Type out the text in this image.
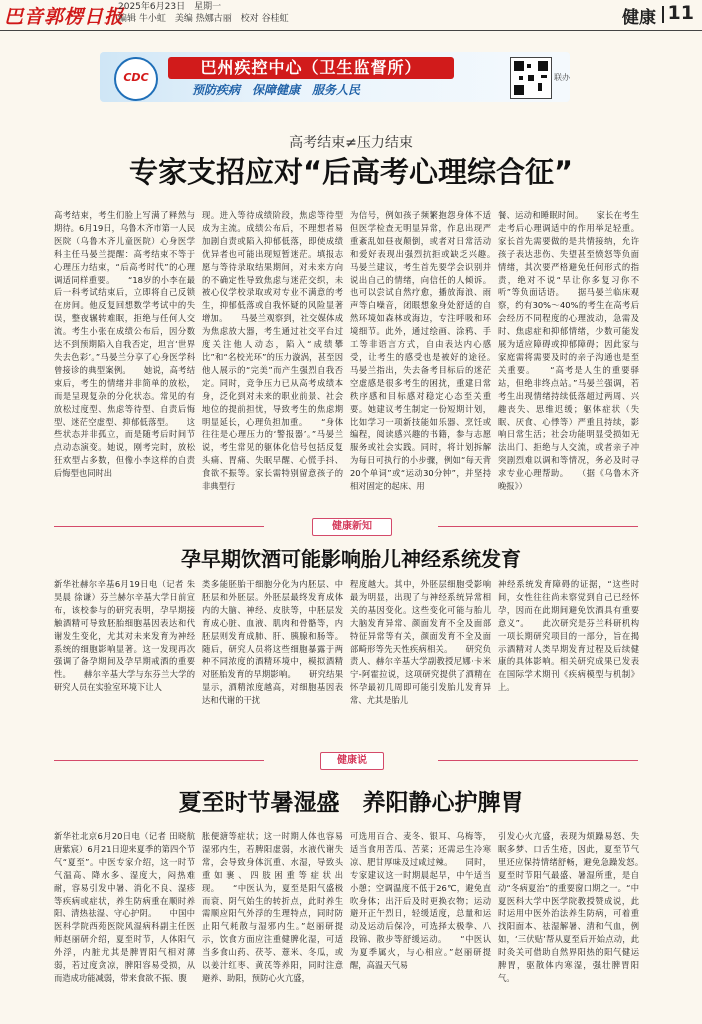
巴音郭楞日报
2025年6月23日　星期一
编辑 牛小虹　美编 热娜古丽　校对 谷桂虹	健康 11
CDC
巴州疾控中心（卫生监督所）
预防疾病　保障健康　服务人民
联办
高考结束≠压力结束
专家支招应对“后高考心理综合征”
高考结束，考生们脸上写满了释然与期待。6月19日，乌鲁木齐市第一人民医院（乌鲁木齐儿童医院）心身医学科主任马晏兰提醒：高考结束不等于心理压力结束，“后高考时代”的心理调适同样重要。　　“18岁的小李在最后一科考试结束后，立即将自己反锁在房间。他反复回想数学考试中的失误，整夜辗转难眠，拒绝与任何人交流。考生小张在成绩公布后，因分数达不到预期陷入自我否定，坦言‘世界失去色彩’。”马晏兰分享了心身医学科曾接诊的典型案例。　　她说，高考结束后，考生的情绪并非简单的放松，而是呈现复杂的分化状态。常见的有放松过度型、焦虑等待型、自责后悔型、迷茫空虚型、抑郁低落型。　　这些状态并非孤立，而是随考后时间节点动态演变。她说，刚考完时，放松狂欢型占多数，但像小李这样的自责后悔型也同时出
现。进入等待成绩阶段，焦虑等待型成为主流。成绩公布后，不理想者易加剧自责或陷入抑郁低落，即使成绩优异者也可能出现短暂迷茫。填报志愿与等待录取结果期间，对未来方向的不确定性导致焦虑与迷茫交织，未被心仪学校录取或对专业不满意的考生，抑郁低落或自我怀疑的风险显著增加。　　马晏兰观察到，社交媒体成为焦虑放大器，考生通过社交平台过度关注他人动态，陷入“成绩攀比”和“名校光环”的压力漩涡，甚至因他人展示的“完美”而产生强烈自我否定。同时，竞争压力已从高考成绩本身，泛化到对未来的职业前景、社会地位的提前担忧，导致考生的焦虑期明显延长，心理负担加重。　　“身体往往是心理压力的‘警报器’。”马晏兰说，考生常见的躯体化信号包括反复头痛、胃痛、失眠早醒、心慌手抖、食欲不振等。家长需特别留意孩子的非典型行
为信号，例如孩子频繁抱怨身体不适但医学检查无明显异常，作息出现严重紊乱如昼夜颠倒，或者对日常活动和爱好表现出强烈抗拒或缺乏兴趣。　　马晏兰建议，考生首先要学会识别并说出自己的情绪，向信任的人倾诉。也可以尝试自然疗愈，播放海浪、雨声等白噪音，闭眼想象身处舒适的自然环境如森林或海边，专注呼吸和环境细节。此外，通过绘画、涂鸦、手工等非语言方式，自由表达内心感受，让考生的感受也是被好的途径。　　马晏兰指出，失去备考目标后的迷茫空虚感是很多考生的困扰，重建日常秩序感和目标感对稳定心态至关重要。她建议考生制定一份短期计划，比如学习一项新技能如乐器、烹饪或编程，阅读感兴趣的书籍，参与志愿服务或社会实践。同时，将计划拆解为每日可执行的小步骤，例如“每天背20个单词”或“运动30分钟”，并坚持相对固定的起床、用
餐、运动和睡眠时间。　　家长在考生走考后心理调适中的作用举足轻重。家长首先需要做的是共情接纳，允许孩子表达悲伤、失望甚至愤怒等负面情绪，其次要严格避免任何形式的指责，绝对不说“早让你多复习你不听”等负面话语。　　据马晏兰临床观察，约有30%～40%的考生在高考后会经历不同程度的心理波动，急需及时、焦虑症和抑郁情绪，少数可能发展为适应障碍或抑郁障碍；因此家与家庭需将需要及时的亲子沟通也是至关重要。　　“高考是人生的重要驿站，但绝非终点站。”马晏兰强调，若考生出现情绪持续低落超过两周、兴趣丧失、思维迟缓；躯体症状（失眠、厌食、心悸等）严重且持续，影响日常生活；社会功能明显受损如无法出门、拒绝与人交流，或者亲子冲突剧烈难以调和等情况，务必及时寻求专业心理帮助。　　（据《乌鲁木齐晚报》）
健康新知
孕早期饮酒可能影响胎儿神经系统发育
新华社赫尔辛基6月19日电（记者 朱昊晨 徐谦）芬兰赫尔辛基大学日前宣布，该校参与的研究表明，孕早期接触酒精可导致胚胎细胞基因表达和代谢发生变化，尤其对未来发育为神经系统的细胞影响显著。这一发现再次强调了备孕期间及孕早期戒酒的重要性。　　赫尔辛基大学与东芬兰大学的研究人员在实验室环境下让人
类多能胚胎干细胞分化为内胚层、中胚层和外胚层。外胚层最终发育成体内的大脑、神经、皮肤等，中胚层发育成心脏、血液、肌肉和骨骼等，内胚层则发育成肺、肝、胰腺和肠等。随后，研究人员将这些细胞暴露于两种不同浓度的酒精环境中，模拟酒精对胚胎发育的早期影响。　　研究结果显示，酒精浓度越高，对细胞基因表达和代谢的干扰
程度越大。其中，外胚层细胞受影响最为明显，出现了与神经系统异常相关的基因变化。这些变化可能与胎儿大脑发育异常、颜面发育不全及面部特征异常等有关，颜面发育不全及面部畸形等先天性疾病相关。　　研究负责人、赫尔辛基大学副教授尼娜·卡米宁-阿霍拉说，这项研究提供了酒精在怀孕最初几周即可能引发胎儿发育异常、尤其是胎儿
神经系统发育障碍的证据，“这些时间，女性往往尚未察觉到自己已经怀孕，因而在此期间避免饮酒具有重要意义”。　　此次研究是芬兰科研机构一项长期研究项目的一部分，旨在揭示酒精对人类早期发育过程及后续健康的具体影响。相关研究成果已发表在国际学术期刊《疾病模型与机制》上。
健康说
夏至时节暑湿盛　养阳静心护脾胃
新华社北京6月20日电（记者 田晓航 唐紫宸）6月21日迎来夏季的第四个节气“夏至”。中医专家介绍，这一时节气温高、降水多、湿度大，闷热难耐，容易引发中暑、消化不良、湿疹等疾病或症状，养生防病重在顺时养阳、清热祛湿、守心护阴。　　中国中医科学院西苑医院风湿病科副主任医师赵丽研介绍，夏至时节，人体阳气外浮，内脏尤其是脾胃阳气相对薄弱，若过度贪凉，脾阳容易受损，从而造成功能减弱，带来食欲不振、腹
胀便溏等症状；这一时期人体也容易湿邪内生，若脾阳虚弱，水液代谢失常，会导致身体沉重、水湿，导致头重如裹、四肢困重等症状出现。　　“中医认为，夏至是阳气盛极而衰、阴气始生的转折点，此时养生需顺应阳气外浮的生理特点，同时防止阳气耗散与湿邪内生。”赵丽研提示，饮食方面应注重健脾化湿，可适当多食山药、茯苓、薏米、冬瓜，或以姜汁红枣、黄芪等养阳，同时注意避养、助阳，预防心火亢盛，
可选用百合、麦冬、银耳、乌梅等，适当食用苦瓜、苦菜；还需忌生冷寒凉、肥甘厚味及过咸过辣。　　同时，专家建议这一时期晨起早，中午适当小憩；空调温度不低于26℃，避免直吹身体；出汗后及时更换衣物；运动避开正午烈日，轻缓适度，总量和运动及运动后保冷，可选择太极拳、八段锦、散步等舒缓运动。　　“中医认为夏季属火，与心相应。”赵丽研提醒，高温天气易
引发心火亢盛，表现为烦躁易怒、失眠多梦、口舌生疮，因此，夏至节气里还应保持情绪舒畅，避免急躁发怒。　　夏至时节阳气最盛、暑湿所重，是自动“冬病夏治”的重要窗口期之一。“中夏医科大学中医学院教授赞成说，此时运用中医外治法养生防病，可着重找阳面本、祛湿解暑、清和气血，例如，‘三伏贴’帮从夏至后开始点动，此时灸关可借助自然界阳热的阳气健运脾胃，驱散体内寒湿，强壮脾胃阳气。
